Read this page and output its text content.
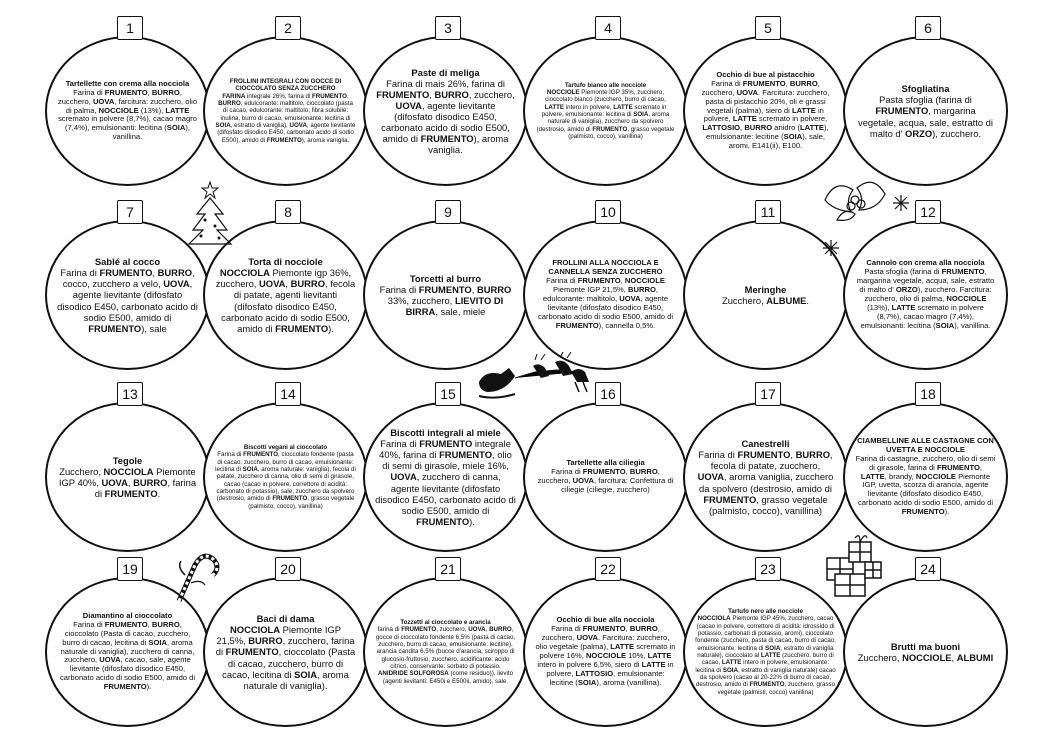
1
Tartellette con crema alla nocciola
Farina di FRUMENTO, BURRO, zucchero, UOVA, farcitura: zucchero, olio di palma, NOCCIOLE (13%), LATTE scremato in polvere (8,7%), cacao magro (7,4%), emulsionanti: lecitina (SOIA), vanillina.
2
FROLLINI INTEGRALI CON GOCCE DI CIOCCOLATO SENZA ZUCCHERO
FARINA integrale 26%, farina di FRUMENTO, BURRO, edulcorante: maltitolo, cioccolato (pasta di cacao, edulcorante: maltitolo, fibra solubile: inulina, burro di cacao, emulsionante: lecitina di SOIA, estratto di vaniglia), UOVA, agente lievitante (difosfato disodico E450, carbonato acido di sodio E500), amido di FRUMENTO), aroma vaniglia.
3
Paste di meliga
Farina di mais 26%, farina di FRUMENTO, BURRO, zucchero, UOVA, agente lievitante (difosfato disodico E450, carbonato acido di sodio E500, amido di FRUMENTO), aroma vaniglia.
4
Tartufo bianco alle nocciole
NOCCIOLE Piemonte IGP 35%, zucchero, cioccolato bianco (zucchero, burro di cacao, LATTE intero in polvere, LATTE scremato in polvere, emulsionante: lecitina di SOIA, aroma naturale di vaniglia), zucchero da spolvero (destrosio, amido di FRUMENTO, grasso vegetale (palmisto, cocco), vanillina)
5
Occhio di bue al pistacchio
Farina di FRUMENTO, BURRO, zucchero, UOVA. Farcitura: zucchero, pasta di pistacchio 20%, oli e grassi vegetali (palma), siero di LATTE in polvere, LATTE scremato in polvere, LATTOSIO, BURRO anidro (LATTE), emulsionante: lecitine (SOIA), sale, aromi, E141(ii), E100.
6
Sfogliatina
Pasta sfoglia (farina di FRUMENTO, margarina vegetale, acqua, sale, estratto di malto d' ORZO), zucchero.
7
Sablé al cocco
Farina di FRUMENTO, BURRO, cocco, zucchero a velo, UOVA, agente lievitante (difosfato disodico E450, carbonato acido di sodio E500, amido di FRUMENTO), sale
8
Torta di nocciole
NOCCIOLA Piemonte igp 36%, zucchero, UOVA, BURRO, fecola di patate, agenti lievitanti (difosfato disodico E450, carbonato acido di sodio E500, amido di FRUMENTO).
9
Torcetti al burro
Farina di FRUMENTO, BURRO 33%, zucchero, LIEVITO DI BIRRA, sale, miele
10
FROLLINI ALLA NOCCIOLA E CANNELLA SENZA ZUCCHERO
Farina di FRUMENTO, NOCCIOLE Piemonte IGP 21,5%, BURRO, edulcorante: maltitolo, UOVA, agente lievitante (difosfato disodico E450, carbonato acido di sodio E500, amido di FRUMENTO), cannella 0,5%.
11
Meringhe
Zucchero, ALBUME.
12
Cannolo con crema alla nocciola
Pasta sfoglia (farina di FRUMENTO, margarina vegetale, acqua, sale, estratto di malto d' ORZO), zucchero. Farcitura: zucchero, olio di palma, NOCCIOLE (13%), LATTE scremato in polvere (8,7%), cacao magro (7,4%), emulsionanti: lecitina (SOIA), vanillina.
13
Tegole
Zucchero, NOCCIOLA Piemonte IGP 40%, UOVA, BURRO, farina di FRUMENTO.
14
Biscotti vegani al cioccolato
Farina di FRUMENTO, cioccolato fondente (pasta di cacao, zucchero, burro di cacao, emulsionante: lecitina di SOIA, aroma naturale: vaniglia), fecola di patate, zucchero di canna, olio di semi di girasole, cacao (cacao in polvere, correttore di acidità: carbonato di potassio), sale, zucchero da spolvero (destrosio, amido di FRUMENTO, grasso vegetale (palmisto, cocco), vanillina)
15
Biscotti integrali al miele
Farina di FRUMENTO integrale 40%, farina di FRUMENTO, olio di semi di girasole, miele 16%, UOVA, zucchero di canna, agente lievitante (difosfato disodico E450, carbonato acido di sodio E500, amido di FRUMENTO).
16
Tartellette alla ciliegia
Farina di FRUMENTO, BURRO, zucchero, UOVA, farcitura: Confettura di ciliegie (ciliegie, zucchero)
17
Canestrelli
Farina di FRUMENTO, BURRO, fecola di patate, zucchero, UOVA, aroma vaniglia, zucchero da spolvero (destrosio, amido di FRUMENTO, grasso vegetale (palmisto, cocco), vanillina)
18
CIAMBELLINE ALLE CASTAGNE CON UVETTA E NOCCIOLE
Farina di castagne, zucchero, olio di semi di girasole, farina di FRUMENTO, LATTE, brandy, NOCCIOLE Piemonte IGP, uvetta, scorza di arancia, agente lievitante (difosfato disodico E450, carbonato acido di sodio E500, amido di FRUMENTO).
19
Diamantino al cioccolato
Farina di FRUMENTO, BURRO, cioccolato (Pasta di cacao, zucchero, burro di cacao, lecitina di SOIA, aroma naturale di vaniglia), zucchero di canna, zucchero, UOVA, cacao, sale, agente lievitante (difosfato disodico E450, carbonato acido di sodio E500, amido di FRUMENTO).
20
Baci di dama
NOCCIOLA Piemonte IGP 21,5%, BURRO, zucchero, farina di FRUMENTO, cioccolato (Pasta di cacao, zucchero, burro di cacao, lecitina di SOIA, aroma naturale di vaniglia).
21
Tozzetti al cioccolato e arancia
farina di FRUMENTO, zucchero, UOVA, BURRO, gocce di cioccolato fondente 6,5% (pasta di cacao, zucchero, burro di cacao, emulsionante: lecitine), arancia candita 6,5% (bucce d'arancia, sciroppo di glucosio-fruttosio, zucchero, acidificante: acido citrico, conservante: sorbato di potassio, ANIDRIDE SOLFOROSA (come residuo)), lievito (agenti lievitanti: E450i e E500ii, amido), sale.
22
Occhio di bue alla nocciola
Farina di FRUMENTO, BURRO, zucchero, UOVA. Farcitura: zucchero, olio vegetale (palma), LATTE scremato in polvere 16%, NOCCIOLE 10%, LATTE intero in polvere 6,5%, siero di LATTE in polvere, LATTOSIO, emulsionante: lecitine (SOIA), aroma (vanillina).
23
Tartufo nero alle nocciole
NOCCIOLA Piemonte IGP 45%, zucchero, cacao (cacao in polvere, correttore di acidità: idrossido di potassio, carbonati di potassio, aromi), cioccolato fondente (zucchero, pasta di cacao, burro di cacao, emulsionante: lecitina di SOIA, estratto di vaniglia naturale), cioccolato al LATTE (zucchero, burro di cacao, LATTE intero in polvere, emulsionante: lecitina di SOIA, estratto di vaniglia naturale) cacao da spolvero (cacao al 20-22% di burro di cacao, destrosio, amido di FRUMENTO, zucchero, grasso vegetale (palmisti, cocco) vanillina)
24
Brutti ma buoni
Zucchero, NOCCIOLE, ALBUMI
